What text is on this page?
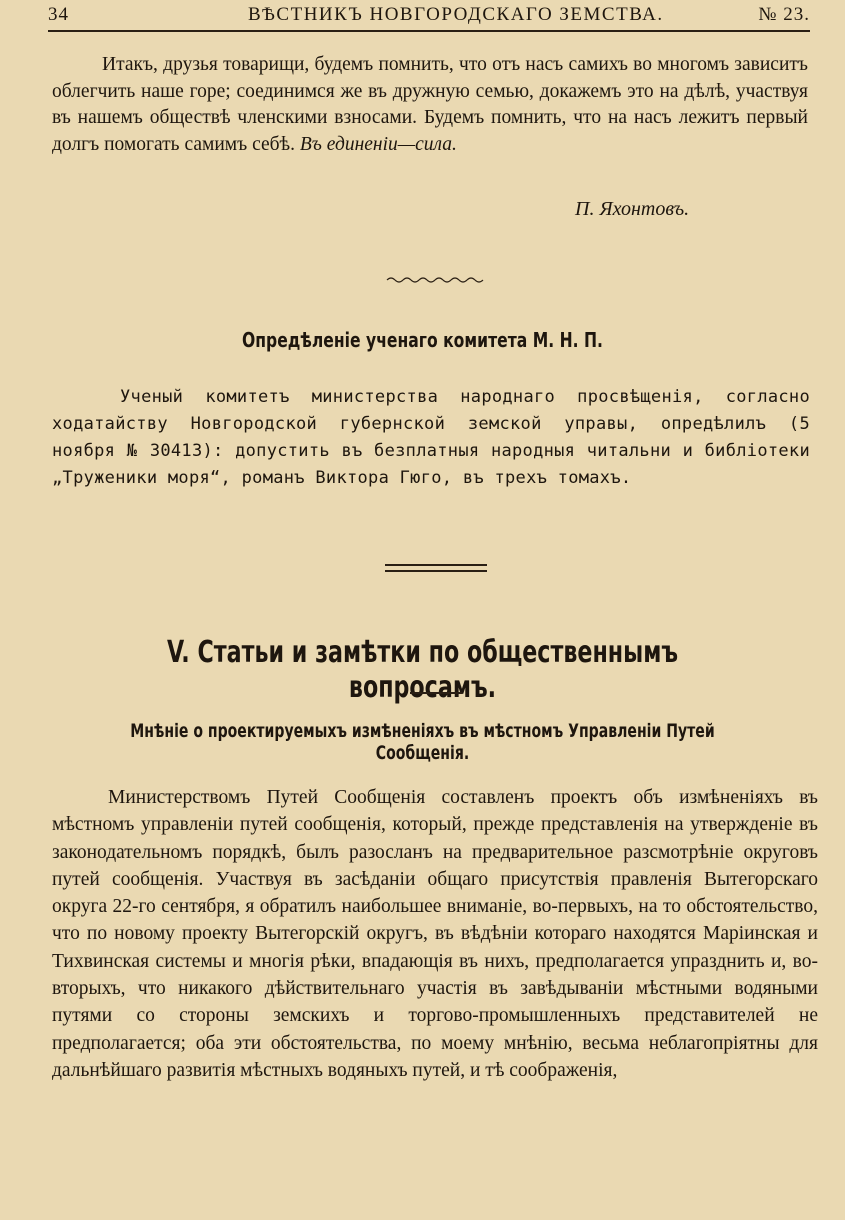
34	ВѢСТНИКЪ НОВГОРОДСКАГО ЗЕМСТВА.	№ 23.

Итакъ, друзья товарищи, будемъ помнить, что отъ насъ самихъ во многомъ зависитъ облегчить наше горе; соединимся же въ дружную семью, докажемъ это на дѣлѣ, участвуя въ нашемъ обществѣ членскими взносами. Будемъ помнить, что на насъ лежитъ первый долгъ помогать самимъ себѣ. Въ единеніи—сила.

П. Яхонтовъ.
Опредѣленіе ученаго комитета М. Н. П.

Ученый комитетъ министерства народнаго просвѣщенія, согласно ходатайству Новгородской губернской земской управы, опредѣлилъ (5 ноября № 30413): допустить въ безплатныя народныя читальни и библіотеки „Труженики моря“, романъ Виктора Гюго, въ трехъ томахъ.

V. Статьи и замѣтки по общественнымъ вопросамъ.
Мнѣніе о проектируемыхъ измѣненіяхъ въ мѣстномъ Управленіи Путей Сообщенія.

Министерствомъ Путей Сообщенія составленъ проектъ объ измѣненіяхъ въ мѣстномъ управленіи путей сообщенія, который, прежде представленія на утвержденіе въ законодательномъ порядкѣ, былъ разосланъ на предварительное разсмотрѣніе округовъ путей сообщенія. Участвуя въ засѣданіи общаго присутствія правленія Вытегорскаго округа 22-го сентября, я обратилъ наибольшее вниманіе, во-первыхъ, на то обстоятельство, что по новому проекту Вытегорскій округъ, въ вѣдѣніи котораго находятся Маріинская и Тихвинская системы и многія рѣки, впадающія въ нихъ, предполагается упразднить и, во-вторыхъ, что никакого дѣйствительнаго участія въ завѣдываніи мѣстными водяными путями со стороны земскихъ и торгово-промышленныхъ представителей не предполагается; оба эти обстоятельства, по моему мнѣнію, весьма неблагопріятны для дальнѣйшаго развитія мѣстныхъ водяныхъ путей, и тѣ соображенія,
